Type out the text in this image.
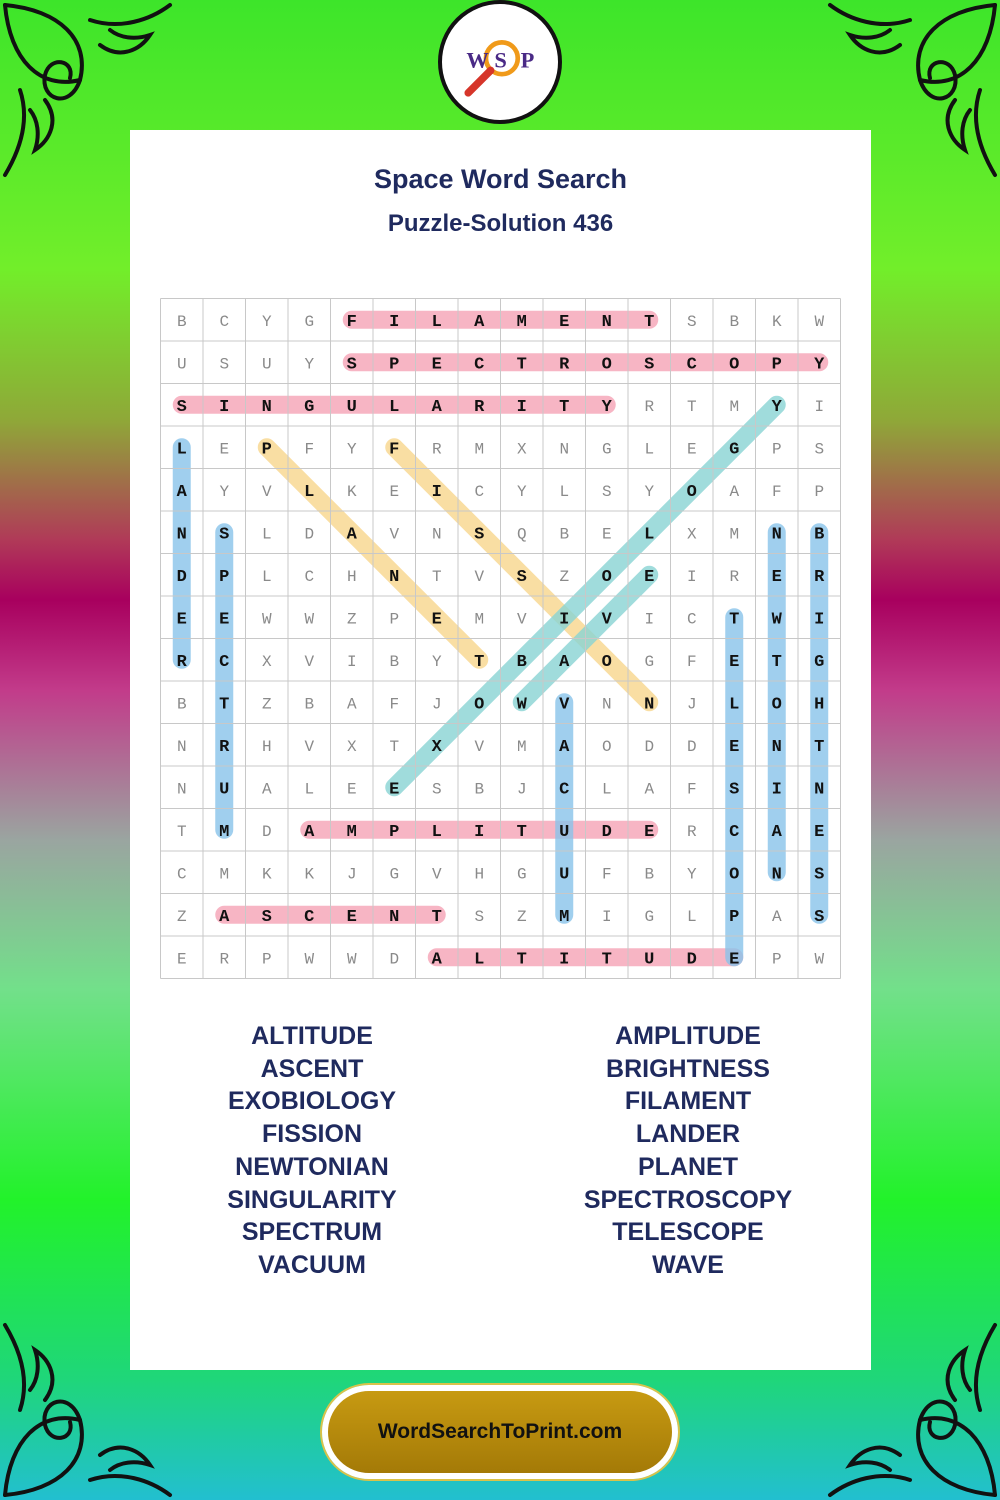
W S P
Space Word Search
Puzzle-Solution 436
B C Y G F I L A M E N T S B K W
U S U Y S P E C T R O S C O P Y
S I N G U L A R I T Y R T M Y I
L E P F Y F R M X N G L E G P S
A Y V L K E I C Y L S Y O A F P
N S L D A V N S Q B E L X M N B
D P L C H N T V S Z O E I R E R
E E W W Z P E M V I V I C T W I
R C X V I B Y T B A O G F E T G
B T Z B A F J O W V N N J L O H
N R H V X T X V M A O D D E N T
N U A L E E S B J C L A F S I N
T M D A M P L I T U D E R C A E
C M K K J G V H G U F B Y O N S
Z A S C E N T S Z M I G L P A S
E R P W W D A L T I T U D E P W
ALTITUDE
ASCENT
EXOBIOLOGY
FISSION
NEWTONIAN
SINGULARITY
SPECTRUM
VACUUM
AMPLITUDE
BRIGHTNESS
FILAMENT
LANDER
PLANET
SPECTROSCOPY
TELESCOPE
WAVE
WordSearchToPrint.com
